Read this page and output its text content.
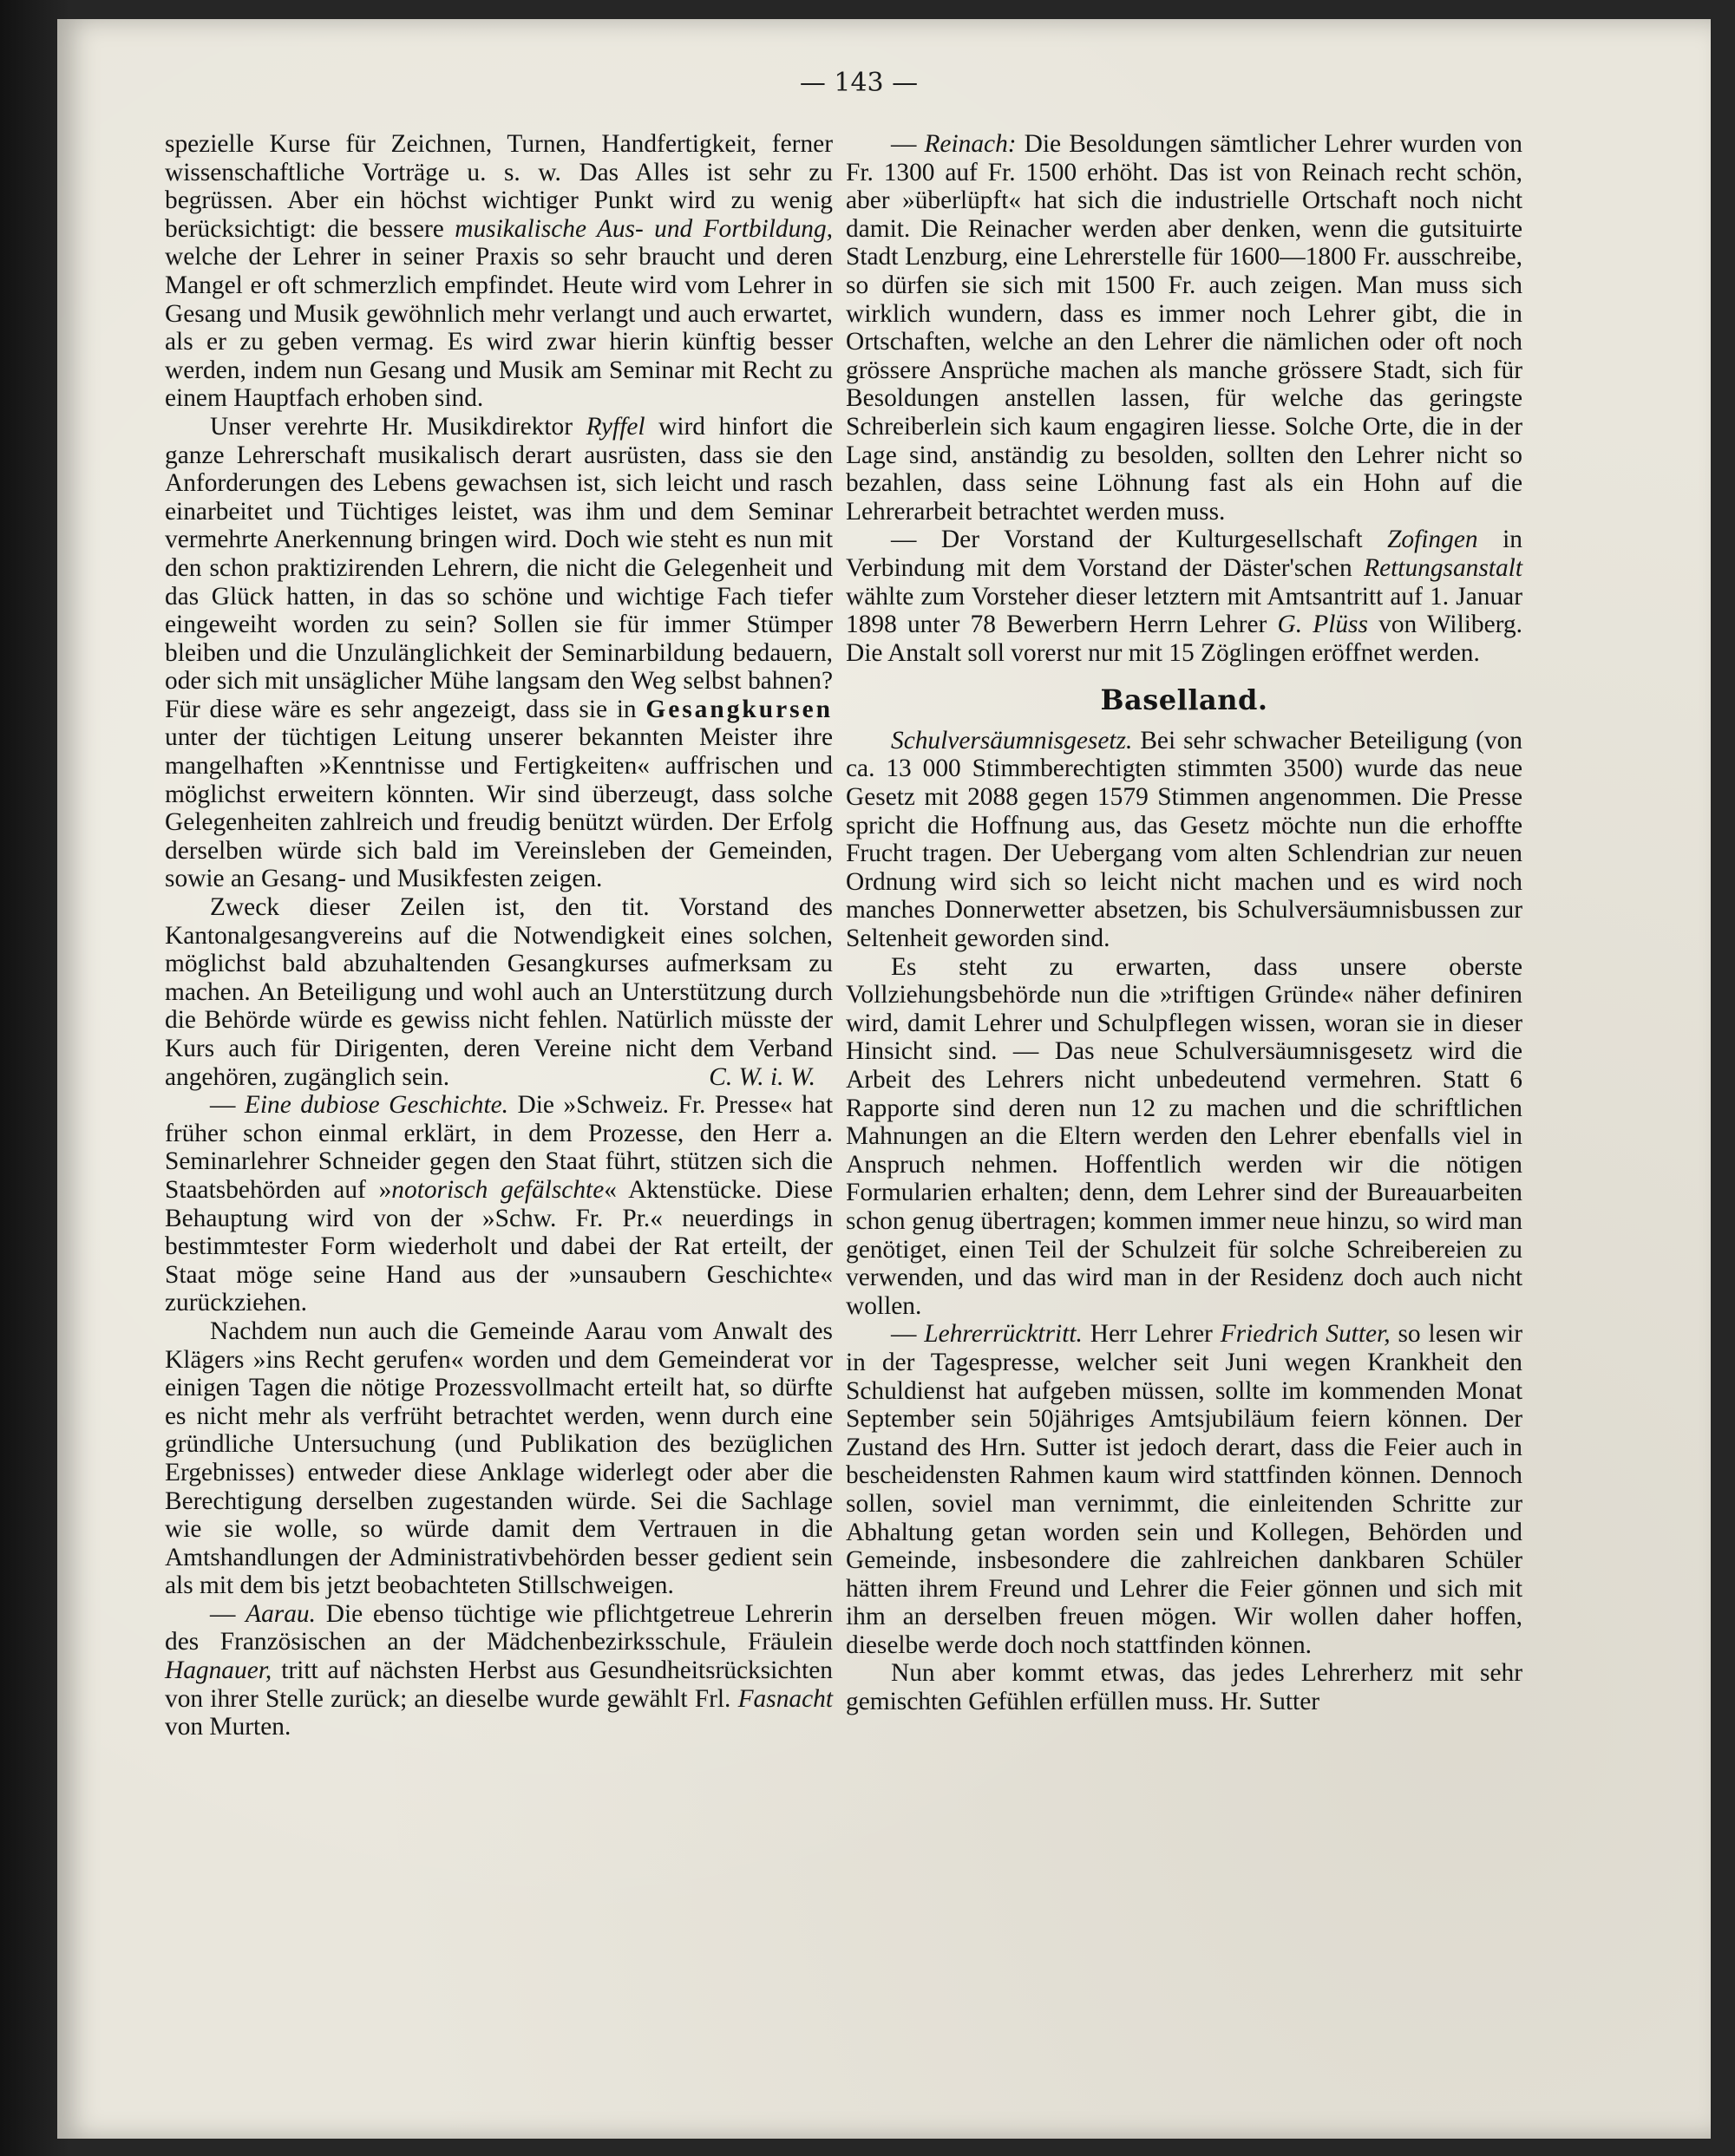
— 143 —

spezielle Kurse für Zeichnen, Turnen, Handfertigkeit, ferner wissenschaftliche Vorträge u. s. w. Das Alles ist sehr zu begrüssen. Aber ein höchst wichtiger Punkt wird zu wenig berücksichtigt: die bessere musikalische Aus- und Fortbildung, welche der Lehrer in seiner Praxis so sehr braucht und deren Mangel er oft schmerzlich empfindet. Heute wird vom Lehrer in Gesang und Musik gewöhnlich mehr verlangt und auch erwartet, als er zu geben vermag. Es wird zwar hierin künftig besser werden, indem nun Gesang und Musik am Seminar mit Recht zu einem Hauptfach erhoben sind.

Unser verehrte Hr. Musikdirektor Ryffel wird hinfort die ganze Lehrerschaft musikalisch derart ausrüsten, dass sie den Anforderungen des Lebens gewachsen ist, sich leicht und rasch einarbeitet und Tüchtiges leistet, was ihm und dem Seminar vermehrte Anerkennung bringen wird. Doch wie steht es nun mit den schon praktizirenden Lehrern, die nicht die Gelegenheit und das Glück hatten, in das so schöne und wichtige Fach tiefer eingeweiht worden zu sein? Sollen sie für immer Stümper bleiben und die Unzulänglichkeit der Seminarbildung bedauern, oder sich mit unsäglicher Mühe langsam den Weg selbst bahnen? Für diese wäre es sehr angezeigt, dass sie in Gesangkursen unter der tüchtigen Leitung unserer bekannten Meister ihre mangelhaften »Kenntnisse und Fertigkeiten« auffrischen und möglichst erweitern könnten. Wir sind überzeugt, dass solche Gelegenheiten zahlreich und freudig benützt würden. Der Erfolg derselben würde sich bald im Vereinsleben der Gemeinden, sowie an Gesang- und Musikfesten zeigen.

Zweck dieser Zeilen ist, den tit. Vorstand des Kantonalgesangvereins auf die Notwendigkeit eines solchen, möglichst bald abzuhaltenden Gesangkurses aufmerksam zu machen. An Beteiligung und wohl auch an Unterstützung durch die Behörde würde es gewiss nicht fehlen. Natürlich müsste der Kurs auch für Dirigenten, deren Vereine nicht dem Verband angehören, zugänglich sein.	C. W. i. W.

— Eine dubiose Geschichte. Die »Schweiz. Fr. Presse« hat früher schon einmal erklärt, in dem Prozesse, den Herr a. Seminarlehrer Schneider gegen den Staat führt, stützen sich die Staatsbehörden auf »notorisch gefälschte« Aktenstücke. Diese Behauptung wird von der »Schw. Fr. Pr.« neuerdings in bestimmtester Form wiederholt und dabei der Rat erteilt, der Staat möge seine Hand aus der »unsaubern Geschichte« zurückziehen.

Nachdem nun auch die Gemeinde Aarau vom Anwalt des Klägers »ins Recht gerufen« worden und dem Gemeinderat vor einigen Tagen die nötige Prozessvollmacht erteilt hat, so dürfte es nicht mehr als verfrüht betrachtet werden, wenn durch eine gründliche Untersuchung (und Publikation des bezüglichen Ergebnisses) entweder diese Anklage widerlegt oder aber die Berechtigung derselben zugestanden würde. Sei die Sachlage wie sie wolle, so würde damit dem Vertrauen in die Amtshandlungen der Administrativbehörden besser gedient sein als mit dem bis jetzt beobachteten Stillschweigen.

— Aarau. Die ebenso tüchtige wie pflichtgetreue Lehrerin des Französischen an der Mädchenbezirksschule, Fräulein Hagnauer, tritt auf nächsten Herbst aus Gesundheitsrücksichten von ihrer Stelle zurück; an dieselbe wurde gewählt Frl. Fasnacht von Murten.

— Reinach: Die Besoldungen sämtlicher Lehrer wurden von Fr. 1300 auf Fr. 1500 erhöht. Das ist von Reinach recht schön, aber »überlüpft« hat sich die industrielle Ortschaft noch nicht damit. Die Reinacher werden aber denken, wenn die gutsituirte Stadt Lenzburg, eine Lehrerstelle für 1600—1800 Fr. ausschreibe, so dürfen sie sich mit 1500 Fr. auch zeigen. Man muss sich wirklich wundern, dass es immer noch Lehrer gibt, die in Ortschaften, welche an den Lehrer die nämlichen oder oft noch grössere Ansprüche machen als manche grössere Stadt, sich für Besoldungen anstellen lassen, für welche das geringste Schreiberlein sich kaum engagiren liesse. Solche Orte, die in der Lage sind, anständig zu besolden, sollten den Lehrer nicht so bezahlen, dass seine Löhnung fast als ein Hohn auf die Lehrerarbeit betrachtet werden muss.

— Der Vorstand der Kulturgesellschaft Zofingen in Verbindung mit dem Vorstand der Däster'schen Rettungsanstalt wählte zum Vorsteher dieser letztern mit Amtsantritt auf 1. Januar 1898 unter 78 Bewerbern Herrn Lehrer G. Plüss von Wiliberg. Die Anstalt soll vorerst nur mit 15 Zöglingen eröffnet werden.

Baselland.

Schulversäumnisgesetz. Bei sehr schwacher Beteiligung (von ca. 13 000 Stimmberechtigten stimmten 3500) wurde das neue Gesetz mit 2088 gegen 1579 Stimmen angenommen. Die Presse spricht die Hoffnung aus, das Gesetz möchte nun die erhoffte Frucht tragen. Der Uebergang vom alten Schlendrian zur neuen Ordnung wird sich so leicht nicht machen und es wird noch manches Donnerwetter absetzen, bis Schulversäumnisbussen zur Seltenheit geworden sind.

Es steht zu erwarten, dass unsere oberste Vollziehungsbehörde nun die »triftigen Gründe« näher definiren wird, damit Lehrer und Schulpflegen wissen, woran sie in dieser Hinsicht sind. — Das neue Schulversäumnisgesetz wird die Arbeit des Lehrers nicht unbedeutend vermehren. Statt 6 Rapporte sind deren nun 12 zu machen und die schriftlichen Mahnungen an die Eltern werden den Lehrer ebenfalls viel in Anspruch nehmen. Hoffentlich werden wir die nötigen Formularien erhalten; denn, dem Lehrer sind der Bureauarbeiten schon genug übertragen; kommen immer neue hinzu, so wird man genötiget, einen Teil der Schulzeit für solche Schreibereien zu verwenden, und das wird man in der Residenz doch auch nicht wollen.

— Lehrerrücktritt. Herr Lehrer Friedrich Sutter, so lesen wir in der Tagespresse, welcher seit Juni wegen Krankheit den Schuldienst hat aufgeben müssen, sollte im kommenden Monat September sein 50jähriges Amtsjubiläum feiern können. Der Zustand des Hrn. Sutter ist jedoch derart, dass die Feier auch in bescheidensten Rahmen kaum wird stattfinden können. Dennoch sollen, soviel man vernimmt, die einleitenden Schritte zur Abhaltung getan worden sein und Kollegen, Behörden und Gemeinde, insbesondere die zahlreichen dankbaren Schüler hätten ihrem Freund und Lehrer die Feier gönnen und sich mit ihm an derselben freuen mögen. Wir wollen daher hoffen, dieselbe werde doch noch stattfinden können.

Nun aber kommt etwas, das jedes Lehrerherz mit sehr gemischten Gefühlen erfüllen muss. Hr. Sutter
